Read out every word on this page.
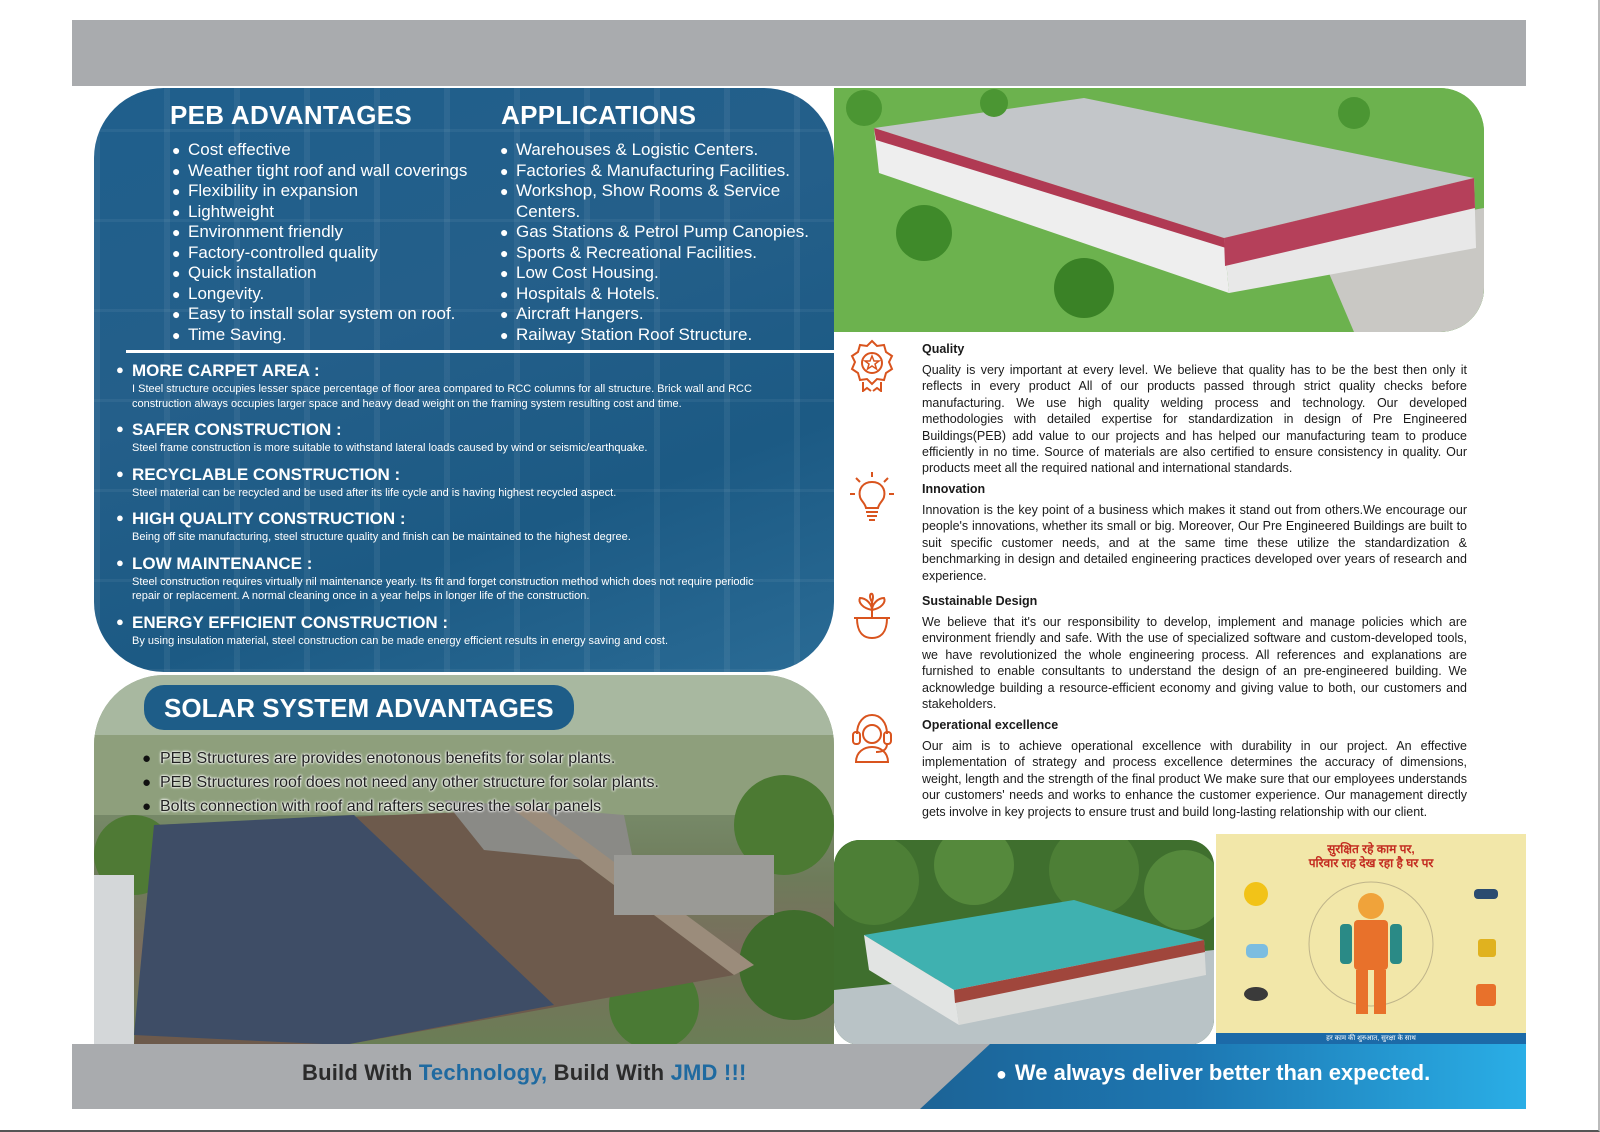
PEB ADVANTAGES
● Cost effective
● Weather tight roof and wall coverings
● Flexibility in expansion
● Lightweight
● Environment friendly
● Factory-controlled quality
● Quick installation
● Longevity.
● Easy to install solar system on roof.
● Time Saving.
APPLICATIONS
● Warehouses & Logistic Centers.
● Factories & Manufacturing Facilities.
● Workshop, Show Rooms & Service Centers.
● Gas Stations & Petrol Pump Canopies.
● Sports & Recreational Facilities.
● Low Cost Housing.
● Hospitals & Hotels.
● Aircraft Hangers.
● Railway Station Roof Structure.
● MORE CARPET AREA :
I Steel structure occupies lesser space percentage of floor area compared to RCC columns for all structure. Brick wall and RCC construction always occupies larger space and heavy dead weight on the framing system resulting cost and time.
● SAFER CONSTRUCTION :
Steel frame construction is more suitable to withstand lateral loads caused by wind or seismic/earthquake.
● RECYCLABLE CONSTRUCTION :
Steel material can be recycled and be used after its life cycle and is having highest recycled aspect.
● HIGH QUALITY CONSTRUCTION :
Being off site manufacturing, steel structure quality and finish can be maintained to the highest degree.
● LOW MAINTENANCE :
Steel construction requires virtually nil maintenance yearly. Its fit and forget construction method which does not require periodic repair or replacement. A normal cleaning once in a year helps in longer life of the construction.
● ENERGY EFFICIENT CONSTRUCTION :
By using insulation material, steel construction can be made energy efficient results in energy saving and cost.
SOLAR SYSTEM ADVANTAGES
● PEB Structures are provides enotonous benefits for solar plants.
● PEB Structures roof does not need any other structure for solar plants.
● Bolts connection with roof and rafters secures the solar panels
Quality
Quality is very important at every level. We believe that quality has to be the best then only it reflects in every product All of our products passed through strict quality checks before manufacturing. We use high quality welding process and technology. Our developed methodologies with detailed expertise for standardization in design of Pre Engineered Buildings(PEB) add value to our projects and has helped our manufacturing team to produce efficiently in no time. Source of materials are also certified to ensure consistency in quality. Our products meet all the required national and international standards.
Innovation
Innovation is the key point of a business which makes it stand out from others.We encourage our people's innovations, whether its small or big. Moreover, Our Pre Engineered Buildings are built to suit specific customer needs, and at the same time these utilize the standardization & benchmarking in design and detailed engineering practices developed over years of research and experience.
Sustainable Design
We believe that it's our responsibility to develop, implement and manage policies which are environment friendly and safe. With the use of specialized software and custom-developed tools, we have revolutionized the whole engineering process. All references and explanations are furnished to enable consultants to understand the design of an pre-engineered building. We acknowledge building a resource-efficient economy and giving value to both, our customers and stakeholders.
Operational excellence
Our aim is to achieve operational excellence with durability in our project. An effective implementation of strategy and process excellence determines the accuracy of dimensions, weight, length and the strength of the final product We make sure that our employees understands our customers' needs and works to enhance the customer experience. Our management directly gets involve in key projects to ensure trust and build long-lasting relationship with our client.
सुरक्षित रहे काम पर,
परिवार राह देख रहा है घर पर
हर काम की शुरुआत, सुरक्षा के साथ
Build With Technology, Build With JMD !!!
●	We always deliver better than expected.
